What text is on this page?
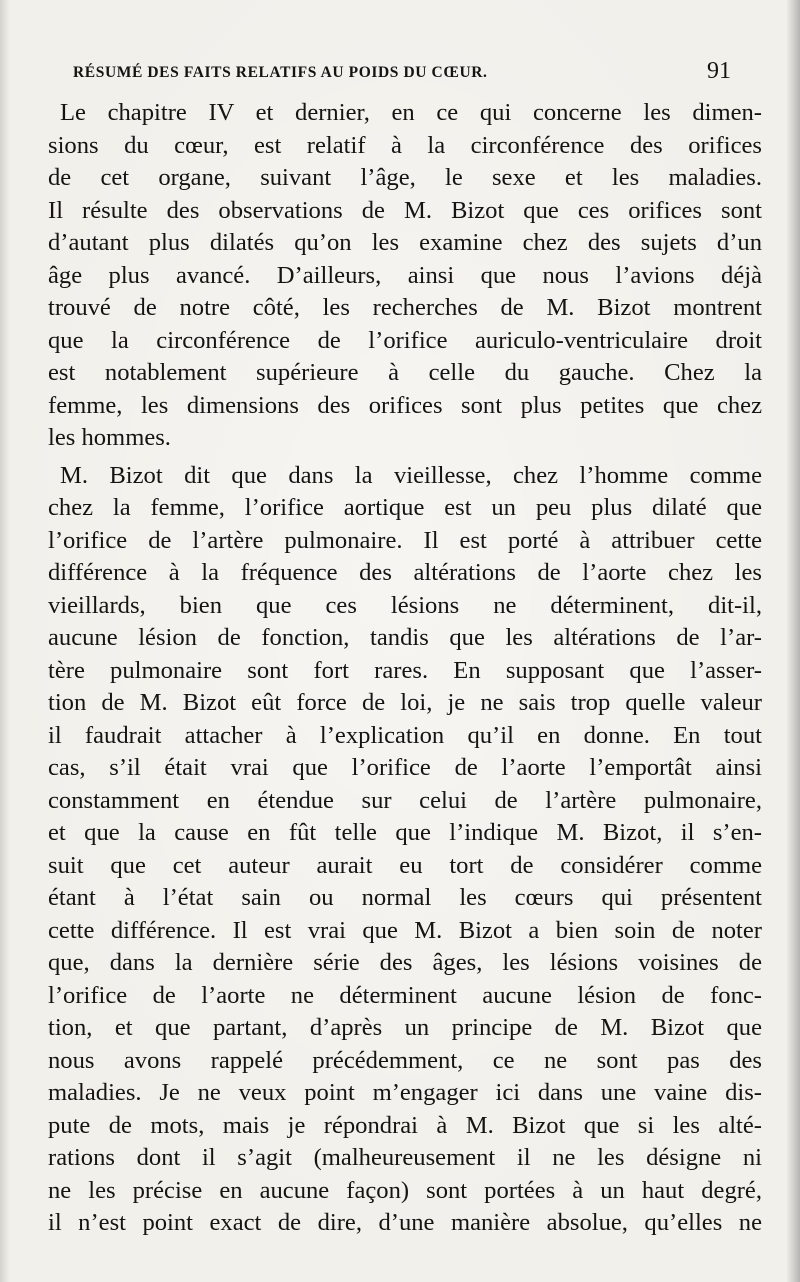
RÉSUMÉ DES FAITS RELATIFS AU POIDS DU CŒUR.	91
Le chapitre IV et dernier, en ce qui concerne les dimen-
sions du cœur, est relatif à la circonférence des orifices
de cet organe, suivant l’âge, le sexe et les maladies.
Il résulte des observations de M. Bizot que ces orifices sont
d’autant plus dilatés qu’on les examine chez des sujets d’un
âge plus avancé. D’ailleurs, ainsi que nous l’avions déjà
trouvé de notre côté, les recherches de M. Bizot montrent
que la circonférence de l’orifice auriculo-ventriculaire droit
est notablement supérieure à celle du gauche. Chez la
femme, les dimensions des orifices sont plus petites que chez
les hommes.
M. Bizot dit que dans la vieillesse, chez l’homme comme
chez la femme, l’orifice aortique est un peu plus dilaté que
l’orifice de l’artère pulmonaire. Il est porté à attribuer cette
différence à la fréquence des altérations de l’aorte chez les
vieillards, bien que ces lésions ne déterminent, dit-il,
aucune lésion de fonction, tandis que les altérations de l’ar-
tère pulmonaire sont fort rares. En supposant que l’asser-
tion de M. Bizot eût force de loi, je ne sais trop quelle valeur
il faudrait attacher à l’explication qu’il en donne. En tout
cas, s’il était vrai que l’orifice de l’aorte l’emportât ainsi
constamment en étendue sur celui de l’artère pulmonaire,
et que la cause en fût telle que l’indique M. Bizot, il s’en-
suit que cet auteur aurait eu tort de considérer comme
étant à l’état sain ou normal les cœurs qui présentent
cette différence. Il est vrai que M. Bizot a bien soin de noter
que, dans la dernière série des âges, les lésions voisines de
l’orifice de l’aorte ne déterminent aucune lésion de fonc-
tion, et que partant, d’après un principe de M. Bizot que
nous avons rappelé précédemment, ce ne sont pas des
maladies. Je ne veux point m’engager ici dans une vaine dis-
pute de mots, mais je répondrai à M. Bizot que si les alté-
rations dont il s’agit (malheureusement il ne les désigne ni
ne les précise en aucune façon) sont portées à un haut degré,
il n’est point exact de dire, d’une manière absolue, qu’elles ne
